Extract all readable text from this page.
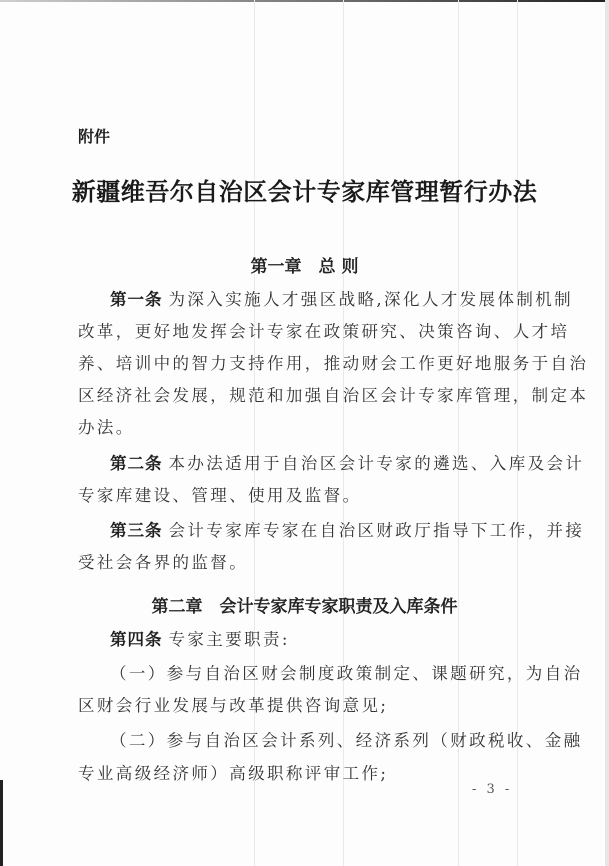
附件
新疆维吾尔自治区会计专家库管理暂行办法
第一章　总 则
第一条 为深入实施人才强区战略,深化人才发展体制机制
改革，更好地发挥会计专家在政策研究、决策咨询、人才培
养、培训中的智力支持作用，推动财会工作更好地服务于自治
区经济社会发展，规范和加强自治区会计专家库管理，制定本
办法。
第二条 本办法适用于自治区会计专家的遴选、入库及会计
专家库建设、管理、使用及监督。
第三条 会计专家库专家在自治区财政厅指导下工作，并接
受社会各界的监督。
第二章　会计专家库专家职责及入库条件
第四条 专家主要职责:
（一）参与自治区财会制度政策制定、课题研究，为自治
区财会行业发展与改革提供咨询意见;
（二）参与自治区会计系列、经济系列（财政税收、金融
专业高级经济师）高级职称评审工作;
- 3 -
